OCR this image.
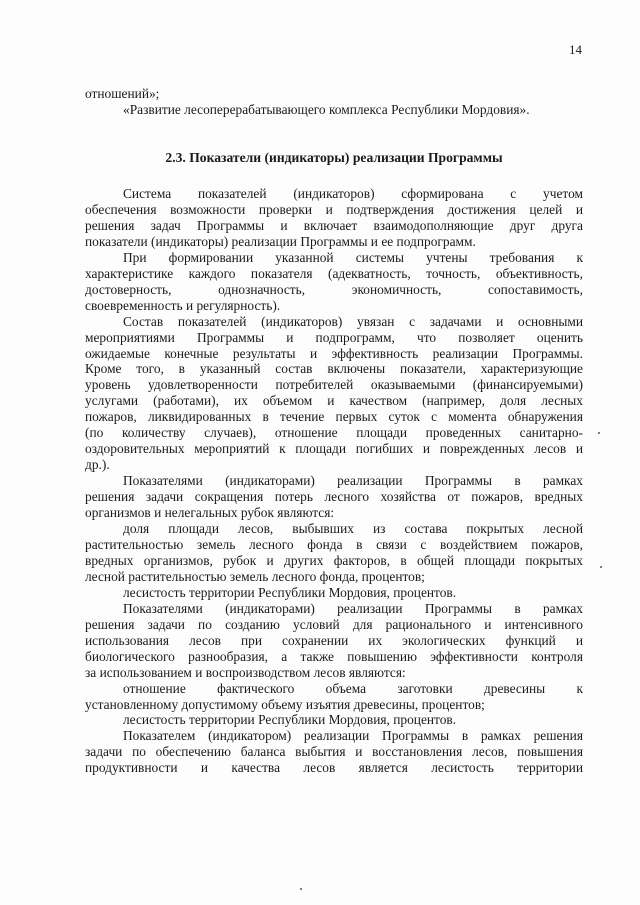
14

отношений»;

«Развитие лесоперерабатывающего комплекса Республики Мордовия».

2.3. Показатели (индикаторы) реализации Программы

Система показателей (индикаторов) сформирована с учетом

обеспечения возможности проверки и подтверждения достижения целей и

решения задач Программы и включает взаимодополняющие друг друга

показатели (индикаторы) реализации Программы и ее подпрограмм.

При формировании указанной системы учтены требования к

характеристике каждого показателя (адекватность, точность, объективность,

достоверность, однозначность, экономичность, сопоставимость,

своевременность и регулярность).

Состав показателей (индикаторов) увязан с задачами и основными

мероприятиями Программы и подпрограмм, что позволяет оценить

ожидаемые конечные результаты и эффективность реализации Программы.

Кроме того, в указанный состав включены показатели, характеризующие

уровень удовлетворенности потребителей оказываемыми (финансируемыми)

услугами (работами), их объемом и качеством (например, доля лесных

пожаров, ликвидированных в течение первых суток с момента обнаружения

(по количеству случаев), отношение площади проведенных санитарно-

оздоровительных мероприятий к площади погибших и поврежденных лесов и

др.).

Показателями (индикаторами) реализации Программы в рамках

решения задачи сокращения потерь лесного хозяйства от пожаров, вредных

организмов и нелегальных рубок являются:

доля площади лесов, выбывших из состава покрытых лесной

растительностью земель лесного фонда в связи с воздействием пожаров,

вредных организмов, рубок и других факторов, в общей площади покрытых

лесной растительностью земель лесного фонда, процентов;

лесистость территории Республики Мордовия, процентов.

Показателями (индикаторами) реализации Программы в рамках

решения задачи по созданию условий для рационального и интенсивного

использования лесов при сохранении их экологических функций и

биологического разнообразия, а также повышению эффективности контроля

за использованием и воспроизводством лесов являются:

отношение фактического объема заготовки древесины к

установленному допустимому объему изъятия древесины, процентов;

лесистость территории Республики Мордовия, процентов.

Показателем (индикатором) реализации Программы в рамках решения

задачи по обеспечению баланса выбытия и восстановления лесов, повышения

продуктивности и качества лесов является лесистость территории
